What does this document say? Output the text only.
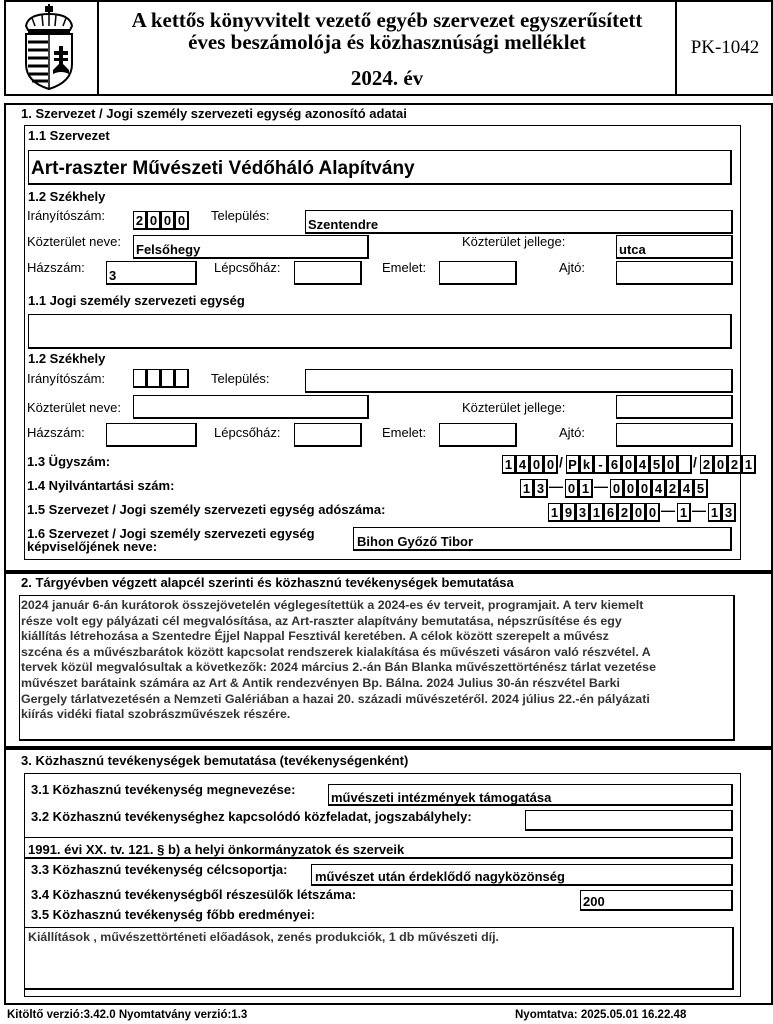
A kettős könyvvitelt vezető egyéb szervezet egyszerűsített
éves beszámolója és közhasznúsági melléklet
2024. év
PK-1042
1. Szervezet / Jogi személy szervezeti egység azonosító adatai
1.1 Szervezet
Art-raszter Művészeti Védőháló Alapítvány
1.2 Székhely
Irányítószám: 2 0 0 0 Település:
Szentendre
Közterület neve:
Felsőhegy
Közterület jellege:
utca
Házszám:
3
Lépcsőház:	Emelet:	Ajtó:
1.1 Jogi személy szervezeti egység
1.2 Székhely
Irányítószám:	Település:
Közterület neve:	Közterület jellege:
Házszám:	Lépcsőház:	Emelet:	Ajtó:
1.3 Ügyszám:	1 4 0 0 / P k - 6 0 4 5 0 / 2 0 2 1
1.4 Nyilvántartási szám:	1 3 — 0 1 — 0 0 0 4 2 4 5
1.5 Szervezet / Jogi személy szervezeti egység adószáma:	1 9 3 1 6 2 0 0 — 1 — 1 3
1.6 Szervezet / Jogi személy szervezeti egység
képviselőjének neve:	Bihon Győző Tibor
2. Tárgyévben végzett alapcél szerinti és közhasznú tevékenységek bemutatása
2024 január 6-án kurátorok összejövetelén véglegesítettük a 2024-es év terveit, programjait. A terv kiemelt
része volt egy pályázati cél megvalósítása, az Art-raszter alapítvány bemutatása, népszrűsítése és egy
kiállítás létrehozása a Szentedre Éjjel Nappal Fesztivál keretében. A célok között szerepelt a művész
szcéna és a művészbarátok között kapcsolat rendszerek kialakítása és művészeti vásáron való részvétel. A
tervek közül megvalósultak a következők: 2024 március 2.-án Bán Blanka művészettörténész tárlat vezetése
művészet barátaink számára az Art & Antik rendezvényen Bp. Bálna. 2024 Julius 30-án részvétel Barki
Gergely tárlatvezetésén a Nemzeti Galériában a hazai 20. századi művészetéről. 2024 július 22.-én pályázati
kiírás vidéki fiatal szobrászművészek részére.
3. Közhasznú tevékenységek bemutatása (tevékenységenként)
3.1 Közhasznú tevékenység megnevezése:
művészeti intézmények támogatása
3.2 Közhasznú tevékenységhez kapcsolódó közfeladat, jogszabályhely:
1991. évi XX. tv. 121. § b) a helyi önkormányzatok és szerveik
3.3 Közhasznú tevékenység célcsoportja: művészet után érdeklődő nagyközönség
3.4 Közhasznú tevékenységből részesülők létszáma:	200
3.5 Közhasznú tevékenység főbb eredményei:
Kiállítások , művészettörténeti előadások, zenés produkciók, 1 db művészeti díj.
Kitöltő verzió:3.42.0 Nyomtatvány verzió:1.3	Nyomtatva: 2025.05.01 16.22.48
